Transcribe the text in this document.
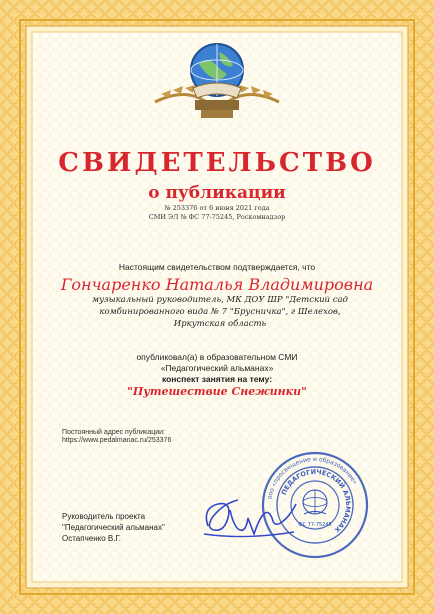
СВИДЕТЕЛЬСТВО
о публикации
№ 253376 от 6 июня 2021 года
СМИ ЭЛ № ФС 77-75245, Роскомнадзор
Настоящим свидетельством подтверждается, что
Гончаренко Наталья Владимировна
музыкальный руководитель, МК ДОУ ШР "Детский сад комбинированного вида № 7 "Брусничка", г Шелехов, Иркутская область
опубликовал(а) в образовательном СМИ
«Педагогический альманах»
конспект занятия на тему:
"Путешествие Снежинки"
Постоянный адрес публикации:
https://www.pedalmanac.ru/253376
Руководитель проекта
"Педагогический альманах"
Остапченко В.Г.
ооо «просвещение и образование»
ПЕДАГОГИЧЕСКИЙ АЛЬМАНАХ
ФС 77-75245
